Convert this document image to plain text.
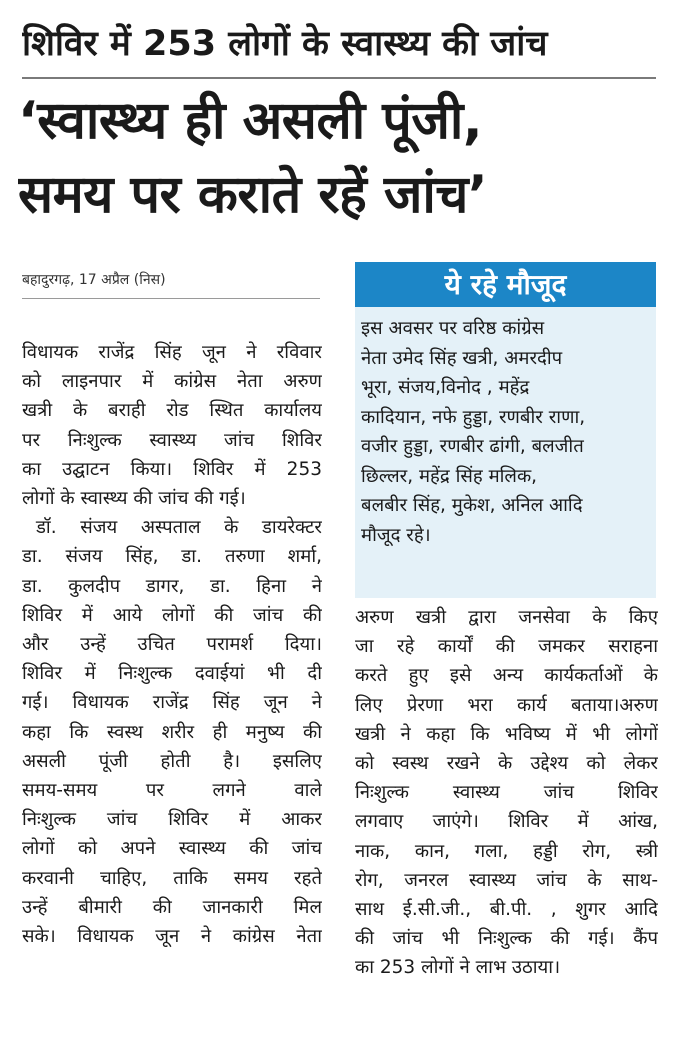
शिविर में 253 लोगों के स्वास्थ्य की जांच
‘स्वास्थ्य ही असली पूंजी,
समय पर कराते रहें जांच’
बहादुरगढ़, 17 अप्रैल (निस)
विधायक राजेंद्र सिंह जून ने रविवार
को लाइनपार में कांग्रेस नेता अरुण
खत्री के बराही रोड स्थित कार्यालय
पर निःशुल्क स्वास्थ्य जांच शिविर
का उद्घाटन किया। शिविर में 253
लोगों के स्वास्थ्य की जांच की गई।
डॉ. संजय अस्पताल के डायरेक्टर
डा. संजय सिंह, डा. तरुणा शर्मा,
डा. कुलदीप डागर, डा. हिना ने
शिविर में आये लोगों की जांच की
और उन्हें उचित परामर्श दिया।
शिविर में निःशुल्क दवाईयां भी दी
गई। विधायक राजेंद्र सिंह जून ने
कहा कि स्वस्थ शरीर ही मनुष्य की
असली पूंजी होती है। इसलिए
समय-समय पर लगने वाले
निःशुल्क जांच शिविर में आकर
लोगों को अपने स्वास्थ्य की जांच
करवानी चाहिए, ताकि समय रहते
उन्हें बीमारी की जानकारी मिल
सके। विधायक जून ने कांग्रेस नेता
ये रहे मौजूद
इस अवसर पर वरिष्ठ कांग्रेस
नेता उमेद सिंह खत्री, अमरदीप
भूरा, संजय,विनोद , महेंद्र
कादियान, नफे हुड्डा, रणबीर राणा,
वजीर हुड्डा, रणबीर ढांगी, बलजीत
छिल्लर, महेंद्र सिंह मलिक,
बलबीर सिंह, मुकेश, अनिल आदि
मौजूद रहे।
अरुण खत्री द्वारा जनसेवा के किए
जा रहे कार्यों की जमकर सराहना
करते हुए इसे अन्य कार्यकर्ताओं के
लिए प्रेरणा भरा कार्य बताया।अरुण
खत्री ने कहा कि भविष्य में भी लोगों
को स्वस्थ रखने के उद्देश्य को लेकर
निःशुल्क स्वास्थ्य जांच शिविर
लगवाए जाएंगे। शिविर में आंख,
नाक, कान, गला, हड्डी रोग, स्त्री
रोग, जनरल स्वास्थ्य जांच के साथ-
साथ ई.सी.जी., बी.पी. , शुगर आदि
की जांच भी निःशुल्क की गई। कैंप
का 253 लोगों ने लाभ उठाया।
